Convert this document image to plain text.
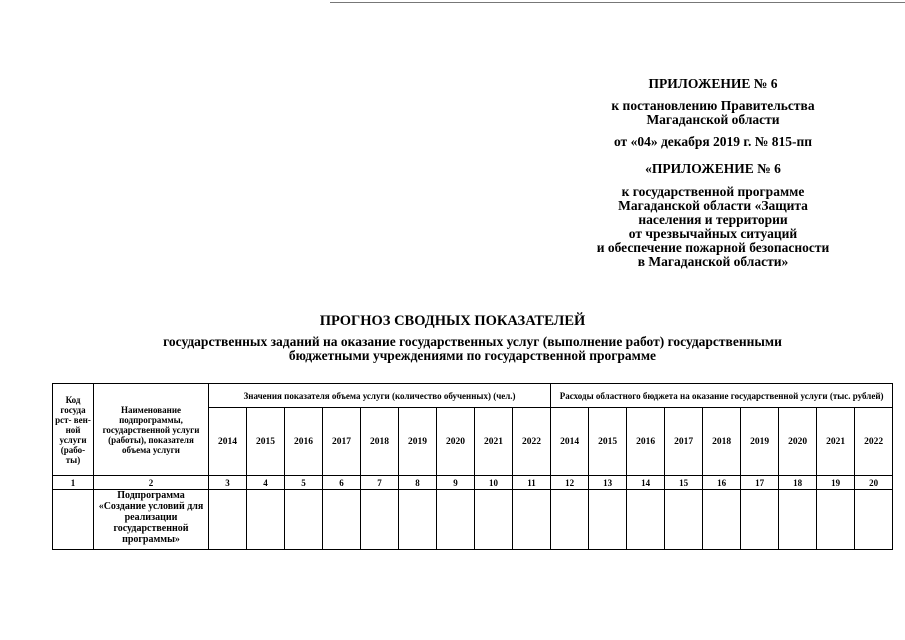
ПРИЛОЖЕНИЕ № 6
к постановлению Правительства
Магаданской области
от «04» декабря 2019 г. № 815-пп
«ПРИЛОЖЕНИЕ № 6
к государственной программе
Магаданской области «Защита
населения и территории
от чрезвычайных ситуаций
и обеспечение пожарной безопасности
в Магаданской области»
ПРОГНОЗ СВОДНЫХ ПОКАЗАТЕЛЕЙ
государственных заданий на оказание государственных услуг (выполнение работ) государственными
бюджетными учреждениями по государственной программе
Код госуда рст- вен- ной услуги (рабо- ты)	Наименование подпрограммы, государственной услуги (работы), показателя объема услуги	Значения показателя объема услуги (количество обученных) (чел.)									Расходы областного бюджета на оказание государственной услуги (тыс. рублей)								
		2014	2015	2016	2017	2018	2019	2020	2021	2022	2014	2015	2016	2017	2018	2019	2020	2021	2022
1	2	3	4	5	6	7	8	9	10	11	12	13	14	15	16	17	18	19	20
	Подпрограмма «Создание условий для реализации государственной программы»																		
